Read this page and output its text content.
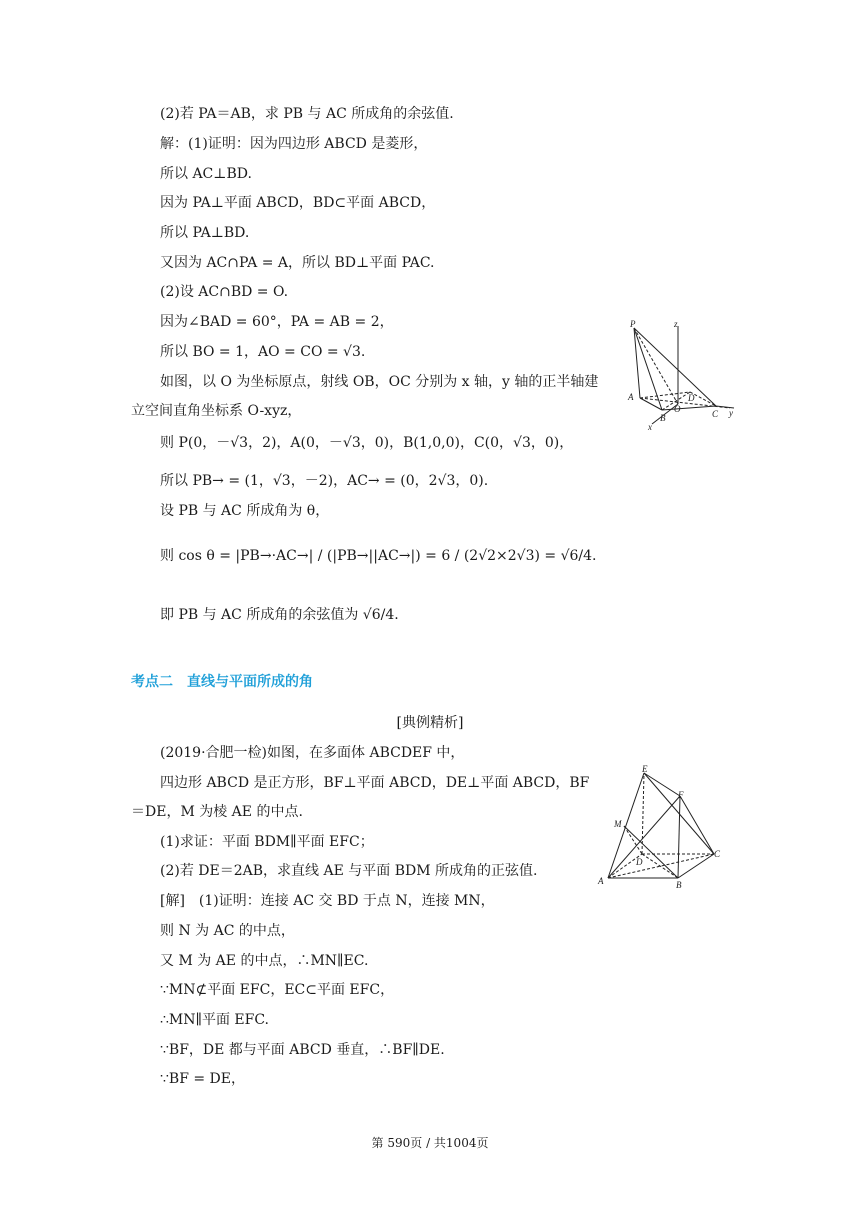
(2)若 PA＝AB，求 PB 与 AC 所成角的余弦值.
解：(1)证明：因为四边形 ABCD 是菱形，
所以 AC⊥BD.
因为 PA⊥平面 ABCD，BD⊂平面 ABCD，
所以 PA⊥BD.
又因为 AC∩PA = A，所以 BD⊥平面 PAC.
(2)设 AC∩BD = O.
因为∠BAD = 60°，PA = AB = 2，
所以 BO = 1，AO = CO = √3.
如图，以 O 为坐标原点，射线 OB，OC 分别为 x 轴，y 轴的正半轴建
立空间直角坐标系 O-xyz，
则 P(0，－√3，2)，A(0，－√3，0)，B(1,0,0)，C(0，√3，0)，
所以 PB→ = (1，√3，－2)，AC→ = (0，2√3，0).
设 PB 与 AC 所成角为 θ，
则 cos θ = |PB→·AC→| / (|PB→||AC→|) = 6 / (2√2×2√3) = √6/4.
即 PB 与 AC 所成角的余弦值为 √6/4.
P	z
A	D
O
B	C y
x
考点二　直线与平面所成的角
[典例精析]
(2019·合肥一检)如图，在多面体 ABCDEF 中，
四边形 ABCD 是正方形，BF⊥平面 ABCD，DE⊥平面 ABCD，BF
＝DE，M 为棱 AE 的中点.
(1)求证：平面 BDM∥平面 EFC；
(2)若 DE＝2AB，求直线 AE 与平面 BDM 所成角的正弦值.
[解]　(1)证明：连接 AC 交 BD 于点 N，连接 MN，
则 N 为 AC 的中点，
又 M 为 AE 的中点，∴MN∥EC.
∵MN⊄平面 EFC，EC⊂平面 EFC，
∴MN∥平面 EFC.
∵BF，DE 都与平面 ABCD 垂直，∴BF∥DE.
∵BF = DE，
E
F
M
D
C
A	B
第 590页 / 共1004页
